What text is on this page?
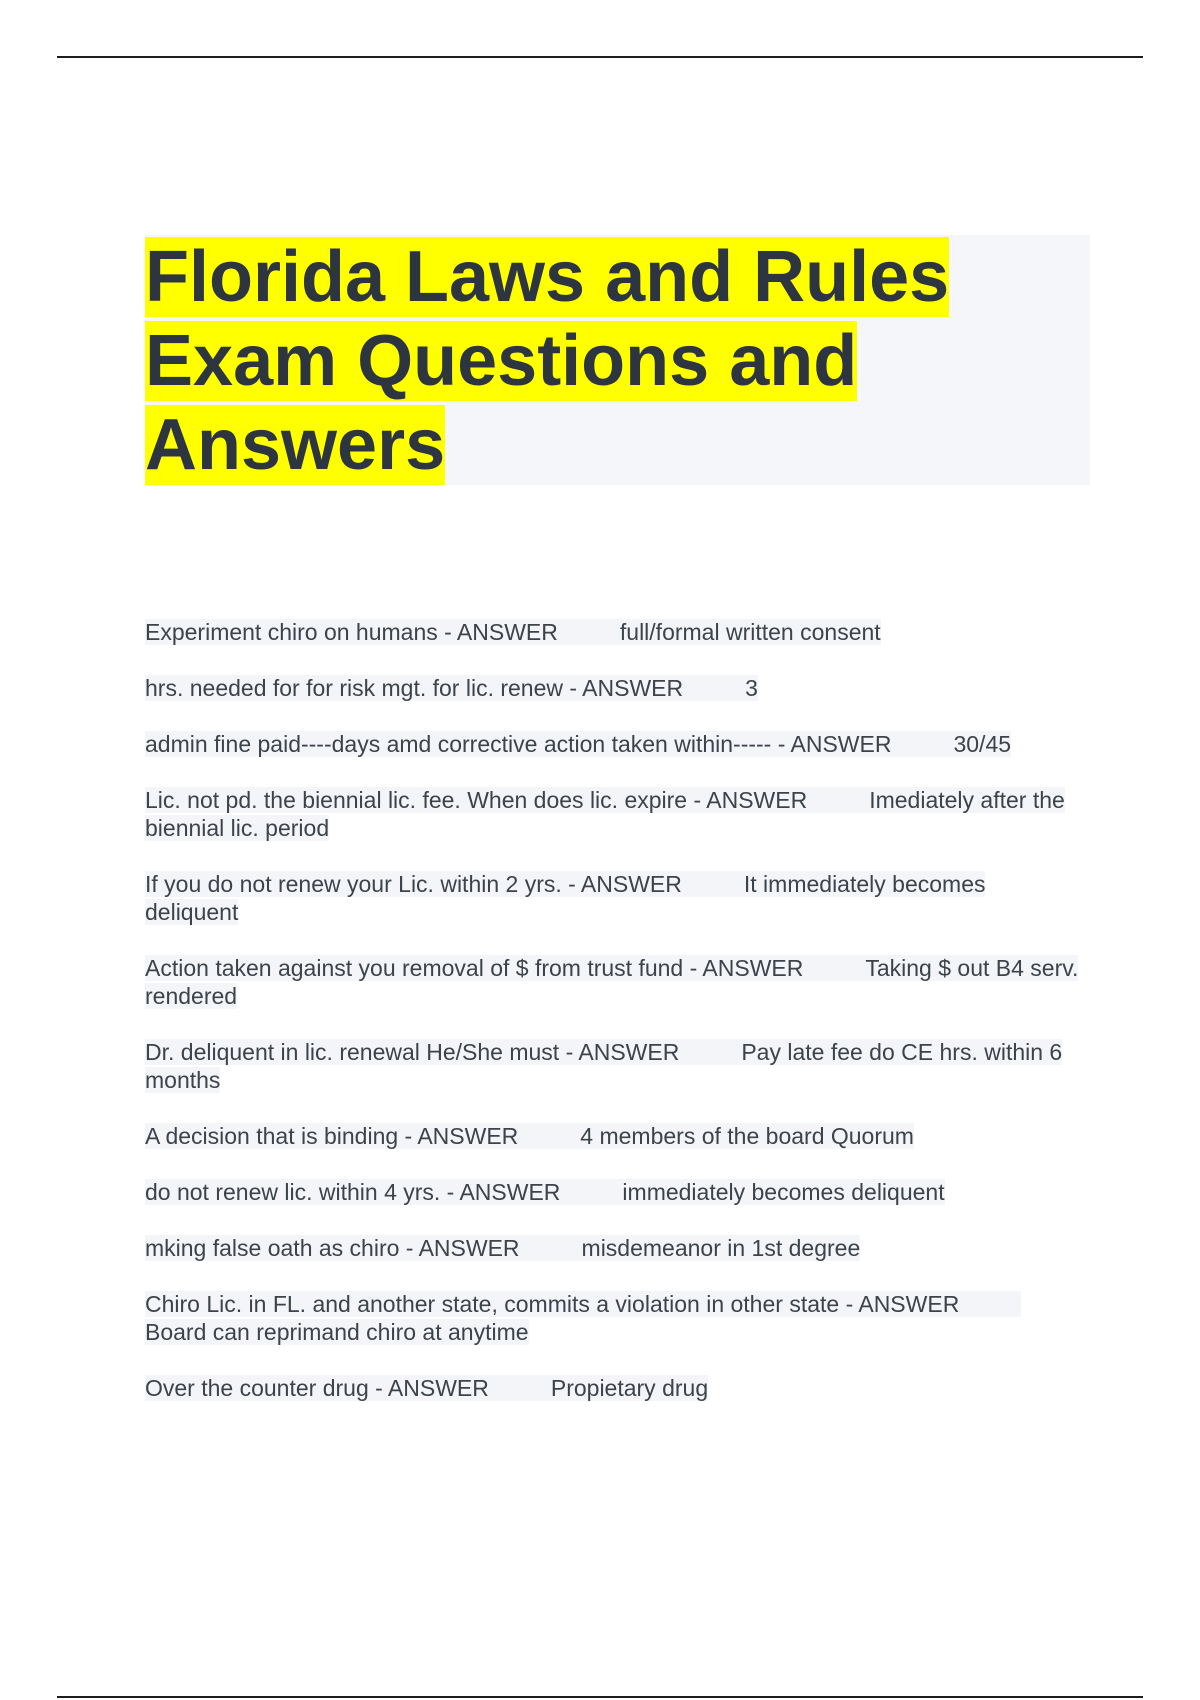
Florida Laws and Rules Exam Questions and Answers
Experiment chiro on humans - ANSWER	full/formal written consent
hrs. needed for for risk mgt. for lic. renew - ANSWER	3
admin fine paid----days amd corrective action taken within----- - ANSWER	30/45
Lic. not pd. the biennial lic. fee. When does lic. expire - ANSWER	Imediately after the biennial lic. period
If you do not renew your Lic. within 2 yrs. - ANSWER	It immediately becomes deliquent
Action taken against you removal of $ from trust fund - ANSWER	Taking $ out B4 serv. rendered
Dr. deliquent in lic. renewal He/She must - ANSWER	Pay late fee do CE hrs. within 6 months
A decision that is binding - ANSWER	4 members of the board Quorum
do not renew lic. within 4 yrs. - ANSWER	immediately becomes deliquent
mking false oath as chiro - ANSWER	misdemeanor in 1st degree
Chiro Lic. in FL. and another state, commits a violation in other state - ANSWERBoard can reprimand chiro at anytime
Over the counter drug - ANSWER	Propietary drug
